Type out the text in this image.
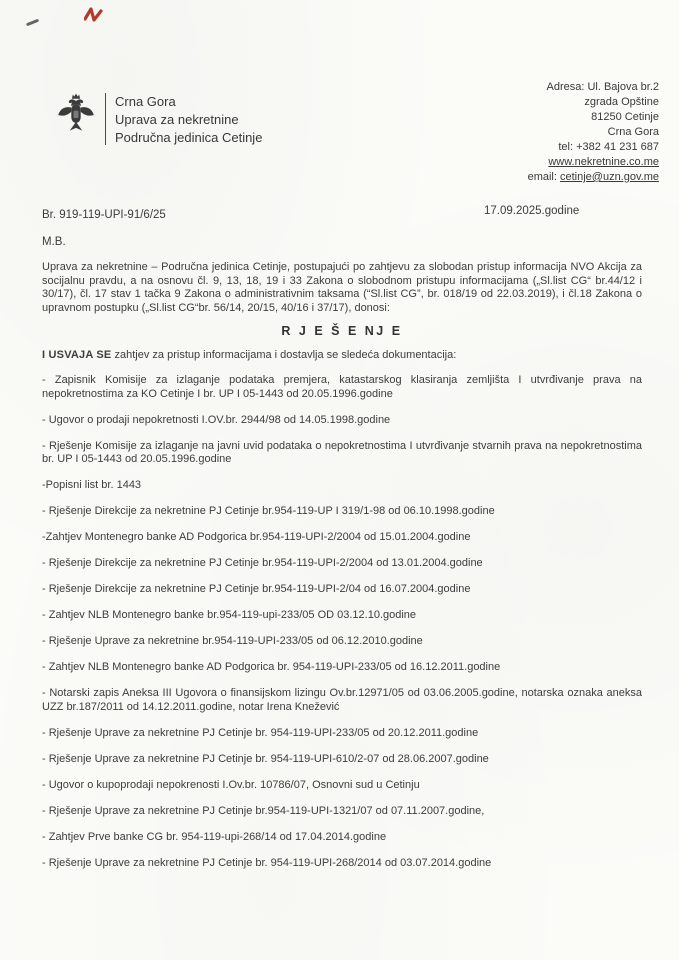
Crna Gora
Uprava za nekretnine
Područna jedinica Cetinje
Adresa: Ul. Bajova br.2
zgrada Opštine
81250 Cetinje
Crna Gora
tel: +382 41 231 687
www.nekretnine.co.me
email: cetinje@uzn.gov.me
Br. 919-119-UPI-91/6/25	17.09.2025.godine
M.B.

Uprava za nekretnine – Područna jedinica Cetinje, postupajući po zahtjevu za slobodan pristup informacija NVO Akcija za socijalnu pravdu, a na osnovu čl. 9, 13, 18, 19 i 33 Zakona o slobodnom pristupu informacijama („Sl.list CG“ br.44/12 i 30/17), čl. 17 stav 1 tačka 9 Zakona o administrativnim taksama (“Sl.list CG”, br. 018/19 od 22.03.2019), i čl.18 Zakona o upravnom postupku („Sl.list CG“br. 56/14, 20/15, 40/16 i 37/17), donosi:

R J E Š E NJ E

I USVAJA SE zahtjev za pristup informacijama i dostavlja se sledeća dokumentacija:

- Zapisnik Komisije za izlaganje podataka premjera, katastarskog klasiranja zemljišta I utvrđivanje prava na nepokretnostima za KO Cetinje I br. UP I 05-1443 od 20.05.1996.godine

- Ugovor o prodaji nepokretnosti I.OV.br. 2944/98 od 14.05.1998.godine

- Rješenje Komisije za izlaganje na javni uvid podataka o nepokretnostima I utvrđivanje stvarnih prava na nepokretnostima br. UP I 05-1443 od 20.05.1996.godine

-Popisni list br. 1443

- Rješenje Direkcije za nekretnine PJ Cetinje br.954-119-UP I 319/1-98 od 06.10.1998.godine

-Zahtjev Montenegro banke AD Podgorica br.954-119-UPI-2/2004 od 15.01.2004.godine

- Rješenje Direkcije za nekretnine PJ Cetinje br.954-119-UPI-2/2004 od 13.01.2004.godine

- Rješenje Direkcije za nekretnine PJ Cetinje br.954-119-UPI-2/04 od 16.07.2004.godine

- Zahtjev NLB Montenegro banke br.954-119-upi-233/05 OD 03.12.10.godine

- Rješenje Uprave za nekretnine br.954-119-UPI-233/05 od 06.12.2010.godine

- Zahtjev NLB Montenegro banke AD Podgorica br. 954-119-UPI-233/05 od 16.12.2011.godine

- Notarski zapis Aneksa III Ugovora o finansijskom lizingu Ov.br.12971/05 od 03.06.2005.godine, notarska oznaka aneksa UZZ br.187/2011 od 14.12.2011.godine, notar Irena Knežević

- Rješenje Uprave za nekretnine PJ Cetinje br. 954-119-UPI-233/05 od 20.12.2011.godine

- Rješenje Uprave za nekretnine PJ Cetinje br. 954-119-UPI-610/2-07 od 28.06.2007.godine

- Ugovor o kupoprodaji nepokrenosti I.Ov.br. 10786/07, Osnovni sud u Cetinju

- Rješenje Uprave za nekretnine PJ Cetinje br.954-119-UPI-1321/07 od 07.11.2007.godine,

- Zahtjev Prve banke CG br. 954-119-upi-268/14 od 17.04.2014.godine

- Rješenje Uprave za nekretnine PJ Cetinje br. 954-119-UPI-268/2014 od 03.07.2014.godine
